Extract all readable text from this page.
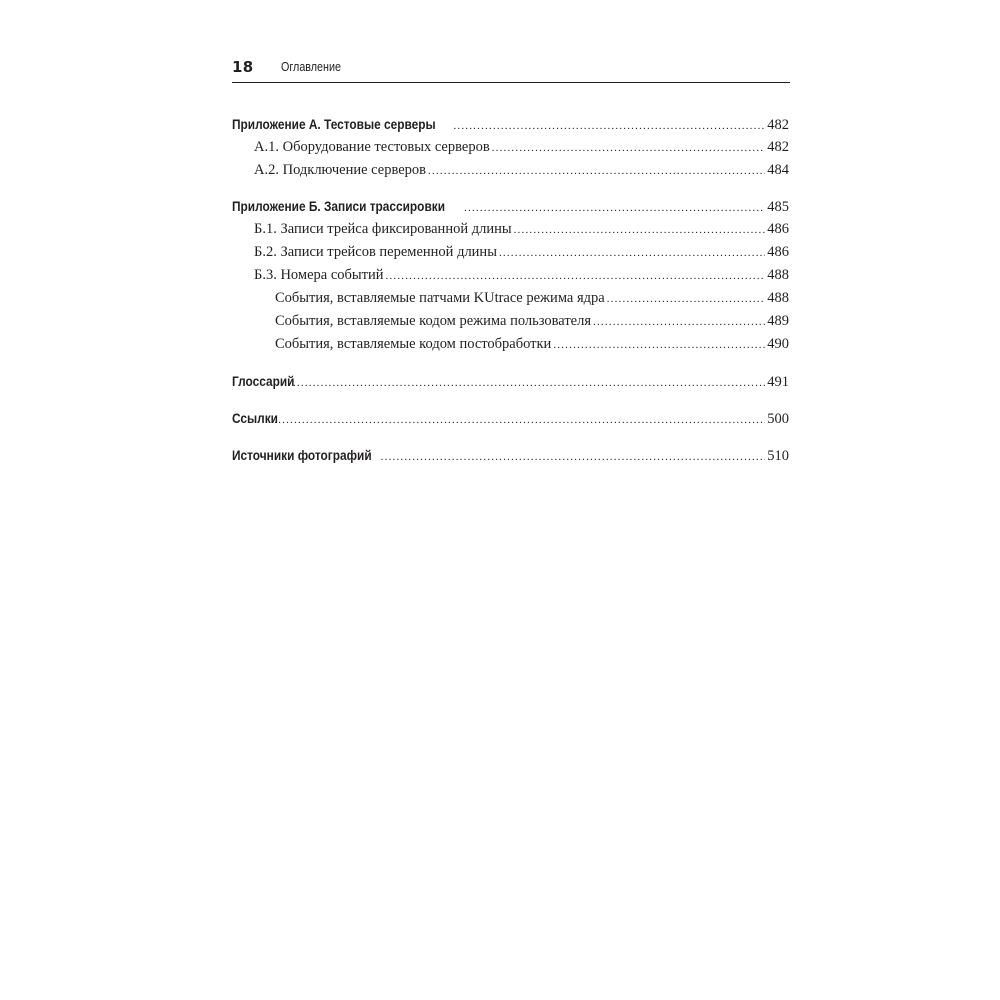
18 Оглавление
Приложение А. Тестовые серверы .....	482
А.1. Оборудование тестовых серверов .....	482
А.2. Подключение серверов .....	484
Приложение Б. Записи трассировки .....	485
Б.1. Записи трейса фиксированной длины .....	486
Б.2. Записи трейсов переменной длины .....	486
Б.3. Номера событий .....	488
События, вставляемые патчами KUtrace режима ядра .....	488
События, вставляемые кодом режима пользователя .....	489
События, вставляемые кодом постобработки .....	490
Глоссарий .....	491
Ссылки .....	500
Источники фотографий .....	510
